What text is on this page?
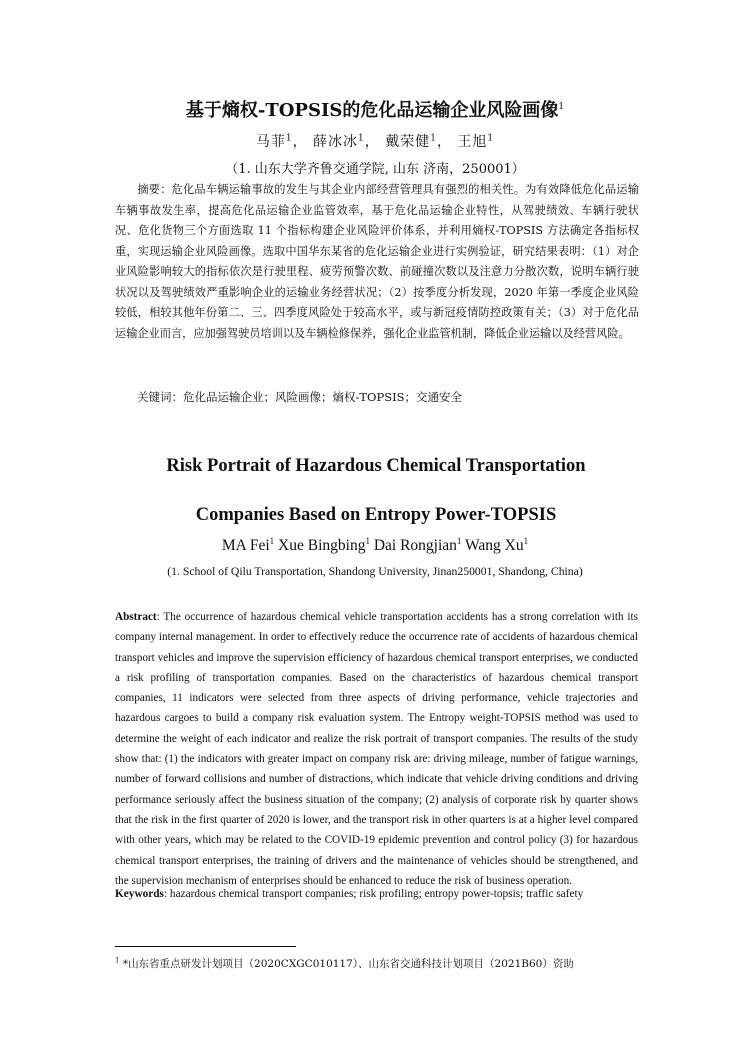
基于熵权-TOPSIS的危化品运输企业风险画像$^1$
马菲$^1$， 薛冰冰$^1$， 戴荣健$^1$， 王旭$^1$
（1. 山东大学齐鲁交通学院, 山东 济南，250001）
摘要：危化品车辆运输事故的发生与其企业内部经营管理具有强烈的相关性。为有效降低危化品运输车辆事故发生率，提高危化品运输企业监管效率，基于危化品运输企业特性，从驾驶绩效、车辆行驶状况、危化货物三个方面选取 11 个指标构建企业风险评价体系，并利用熵权-TOPSIS 方法确定各指标权重，实现运输企业风险画像。选取中国华东某省的危化运输企业进行实例验证，研究结果表明：（1）对企业风险影响较大的指标依次是行驶里程、疲劳预警次数、前碰撞次数以及注意力分散次数，说明车辆行驶状况以及驾驶绩效严重影响企业的运输业务经营状况；（2）按季度分析发现，2020 年第一季度企业风险较低，相较其他年份第二、三、四季度风险处于较高水平，或与新冠疫情防控政策有关；（3）对于危化品运输企业而言，应加强驾驶员培训以及车辆检修保养，强化企业监管机制，降低企业运输以及经营风险。
关键词：危化品运输企业；风险画像；熵权-TOPSIS；交通安全
Risk Portrait of Hazardous Chemical Transportation
Companies Based on Entropy Power-TOPSIS
MA Fei$^1$ Xue Bingbing$^1$ Dai Rongjian$^1$ Wang Xu$^1$
(1. School of Qilu Transportation, Shandong University, Jinan250001, Shandong, China)
Abstract: The occurrence of hazardous chemical vehicle transportation accidents has a strong correlation with its company internal management. In order to effectively reduce the occurrence rate of accidents of hazardous chemical transport vehicles and improve the supervision efficiency of hazardous chemical transport enterprises, we conducted a risk profiling of transportation companies. Based on the characteristics of hazardous chemical transport companies, 11 indicators were selected from three aspects of driving performance, vehicle trajectories and hazardous cargoes to build a company risk evaluation system. The Entropy weight-TOPSIS method was used to determine the weight of each indicator and realize the risk portrait of transport companies. The results of the study show that: (1) the indicators with greater impact on company risk are: driving mileage, number of fatigue warnings, number of forward collisions and number of distractions, which indicate that vehicle driving conditions and driving performance seriously affect the business situation of the company; (2) analysis of corporate risk by quarter shows that the risk in the first quarter of 2020 is lower, and the transport risk in other quarters is at a higher level compared with other years, which may be related to the COVID-19 epidemic prevention and control policy (3) for hazardous chemical transport enterprises, the training of drivers and the maintenance of vehicles should be strengthened, and the supervision mechanism of enterprises should be enhanced to reduce the risk of business operation.
Keywords: hazardous chemical transport companies; risk profiling; entropy power-topsis; traffic safety
$^1$ *山东省重点研发计划项目（2020CXGC010117）、山东省交通科技计划项目（2021B60）资助
